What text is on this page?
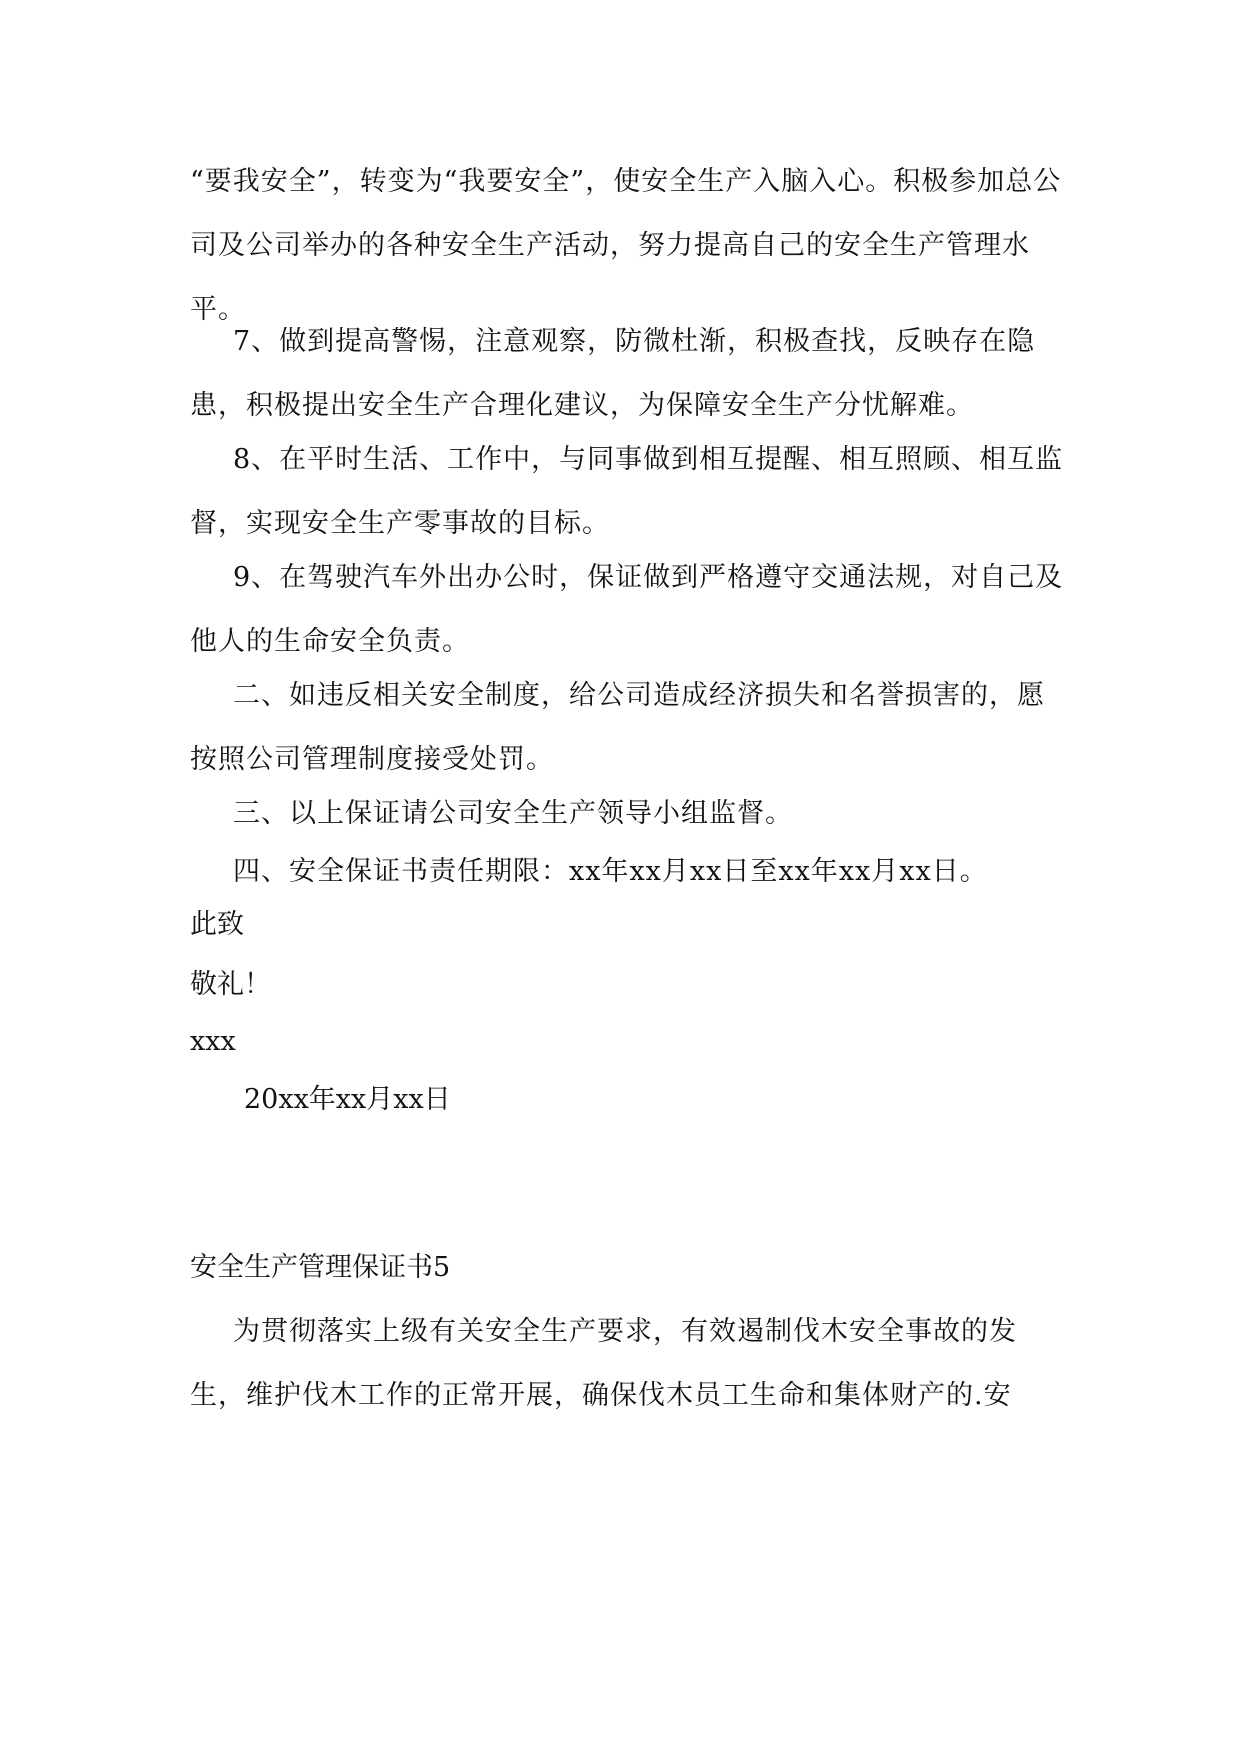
“要我安全”，转变为“我要安全”，使安全生产入脑入心。积极参加总公司及公司举办的各种安全生产活动，努力提高自己的安全生产管理水平。

7、做到提高警惕，注意观察，防微杜渐，积极查找，反映存在隐患，积极提出安全生产合理化建议，为保障安全生产分忧解难。

8、在平时生活、工作中，与同事做到相互提醒、相互照顾、相互监督，实现安全生产零事故的目标。

9、在驾驶汽车外出办公时，保证做到严格遵守交通法规，对自己及他人的生命安全负责。

二、如违反相关安全制度，给公司造成经济损失和名誉损害的，愿按照公司管理制度接受处罚。

三、以上保证请公司安全生产领导小组监督。

四、安全保证书责任期限：xx年xx月xx日至xx年xx月xx日。

此致

敬礼！

xxx

20xx年xx月xx日

安全生产管理保证书5

为贯彻落实上级有关安全生产要求，有效遏制伐木安全事故的发生，维护伐木工作的正常开展，确保伐木员工生命和集体财产的.安
